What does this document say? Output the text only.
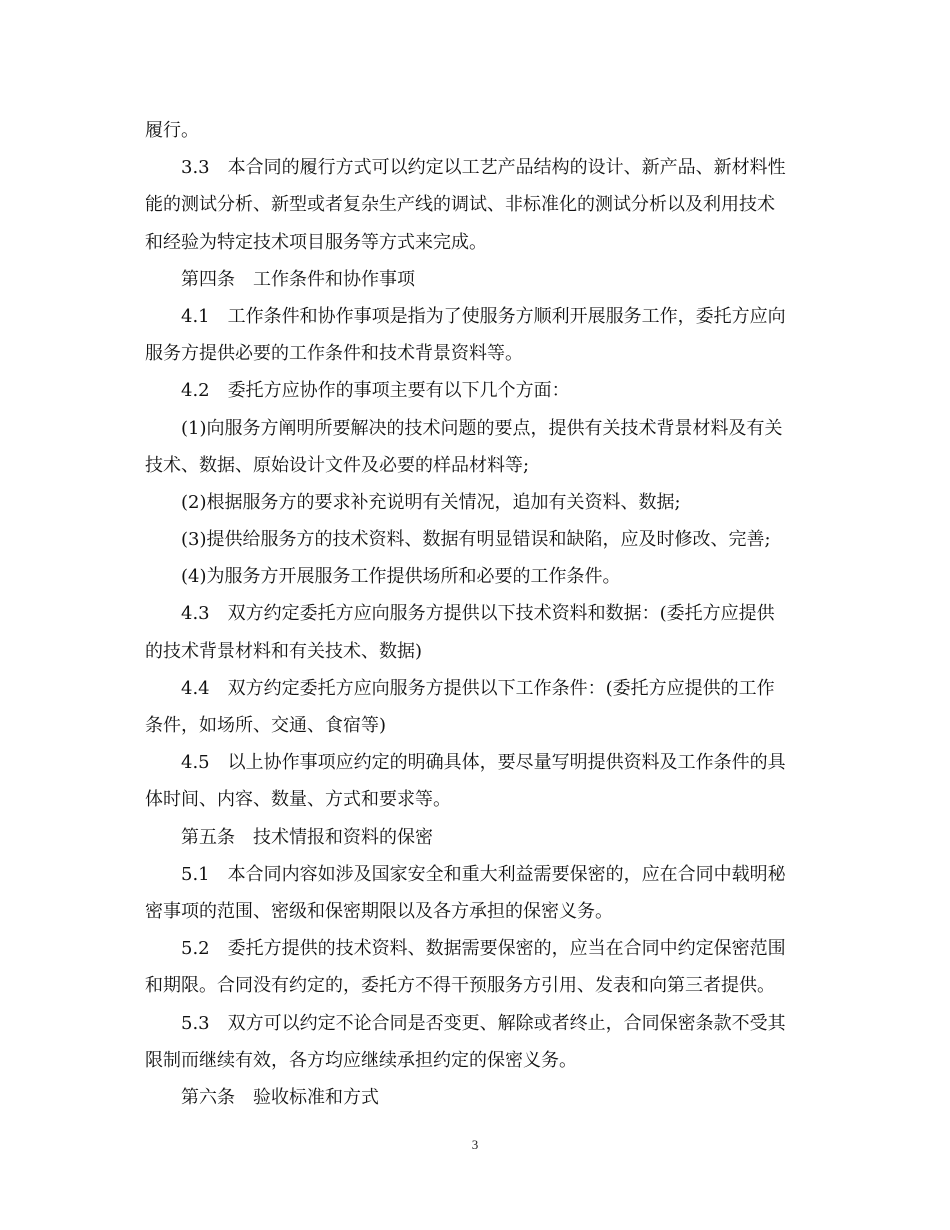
履行。
3.3　本合同的履行方式可以约定以工艺产品结构的设计、新产品、新材料性
能的测试分析、新型或者复杂生产线的调试、非标准化的测试分析以及利用技术
和经验为特定技术项目服务等方式来完成。
第四条　工作条件和协作事项
4.1　工作条件和协作事项是指为了使服务方顺利开展服务工作，委托方应向
服务方提供必要的工作条件和技术背景资料等。
4.2　委托方应协作的事项主要有以下几个方面：
(1)向服务方阐明所要解决的技术问题的要点，提供有关技术背景材料及有关
技术、数据、原始设计文件及必要的样品材料等;
(2)根据服务方的要求补充说明有关情况，追加有关资料、数据;
(3)提供给服务方的技术资料、数据有明显错误和缺陷，应及时修改、完善;
(4)为服务方开展服务工作提供场所和必要的工作条件。
4.3　双方约定委托方应向服务方提供以下技术资料和数据：(委托方应提供
的技术背景材料和有关技术、数据)
4.4　双方约定委托方应向服务方提供以下工作条件：(委托方应提供的工作
条件，如场所、交通、食宿等)
4.5　以上协作事项应约定的明确具体，要尽量写明提供资料及工作条件的具
体时间、内容、数量、方式和要求等。
第五条　技术情报和资料的保密
5.1　本合同内容如涉及国家安全和重大利益需要保密的，应在合同中载明秘
密事项的范围、密级和保密期限以及各方承担的保密义务。
5.2　委托方提供的技术资料、数据需要保密的，应当在合同中约定保密范围
和期限。合同没有约定的，委托方不得干预服务方引用、发表和向第三者提供。
5.3　双方可以约定不论合同是否变更、解除或者终止，合同保密条款不受其
限制而继续有效，各方均应继续承担约定的保密义务。
第六条　验收标准和方式
3
